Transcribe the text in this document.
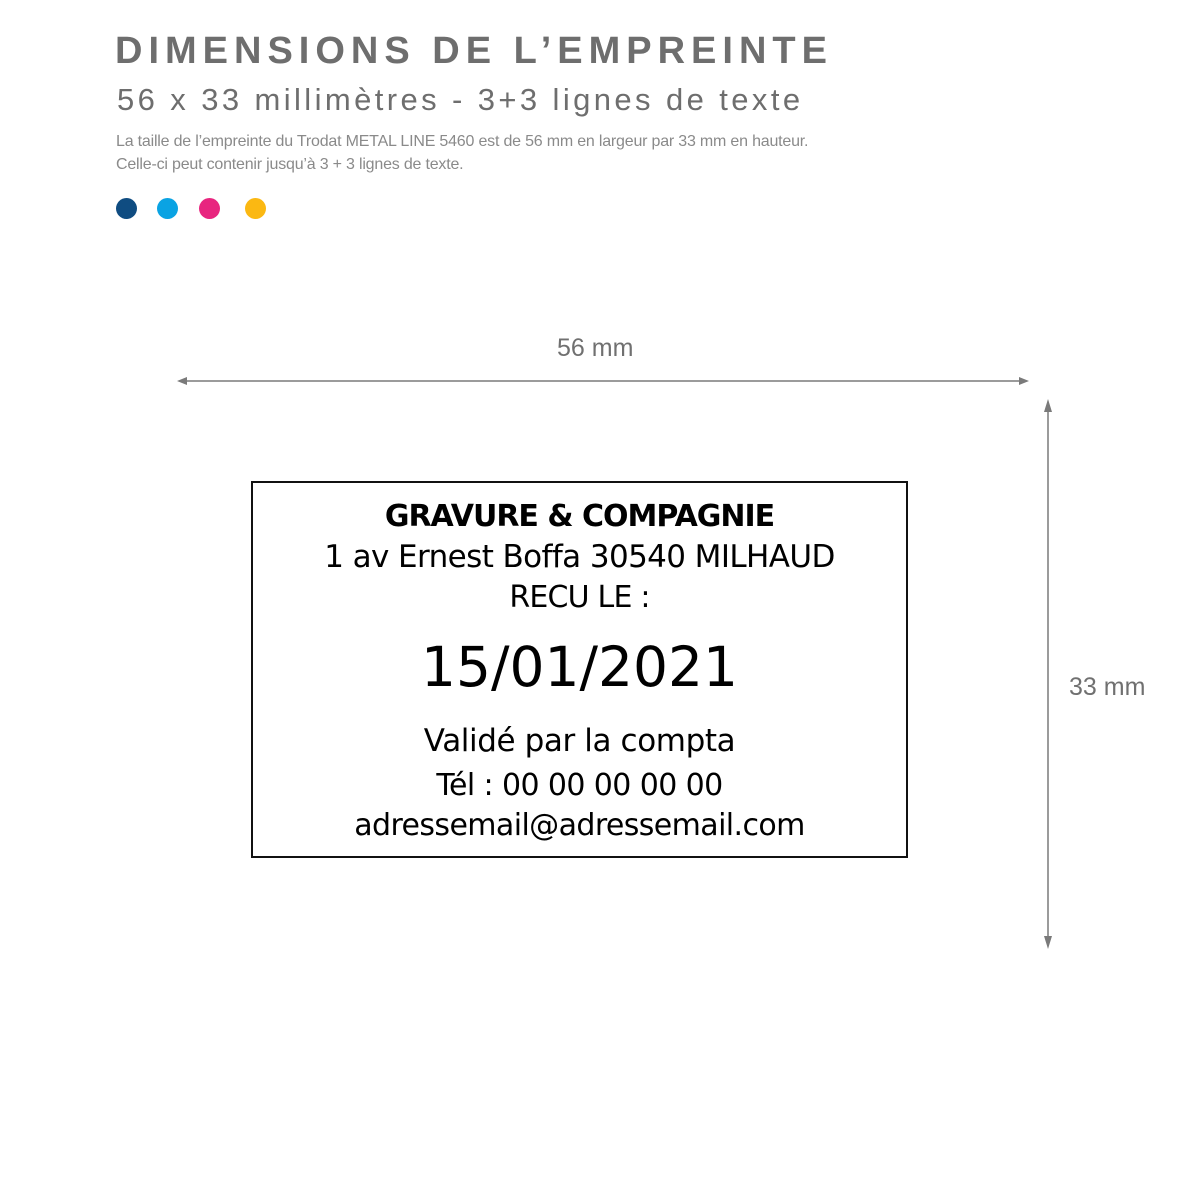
DIMENSIONS DE L’EMPREINTE
56 x 33 millimètres - 3+3 lignes de texte
La taille de l’empreinte du Trodat METAL LINE 5460 est de 56 mm en largeur par 33 mm en hauteur.
Celle-ci peut contenir jusqu’à 3 + 3 lignes de texte.
56 mm
33 mm
GRAVURE & COMPAGNIE
1 av Ernest Boffa 30540 MILHAUD
RECU LE :
15/01/2021
Validé par la compta
Tél : 00 00 00 00 00
adressemail@adressemail.com
